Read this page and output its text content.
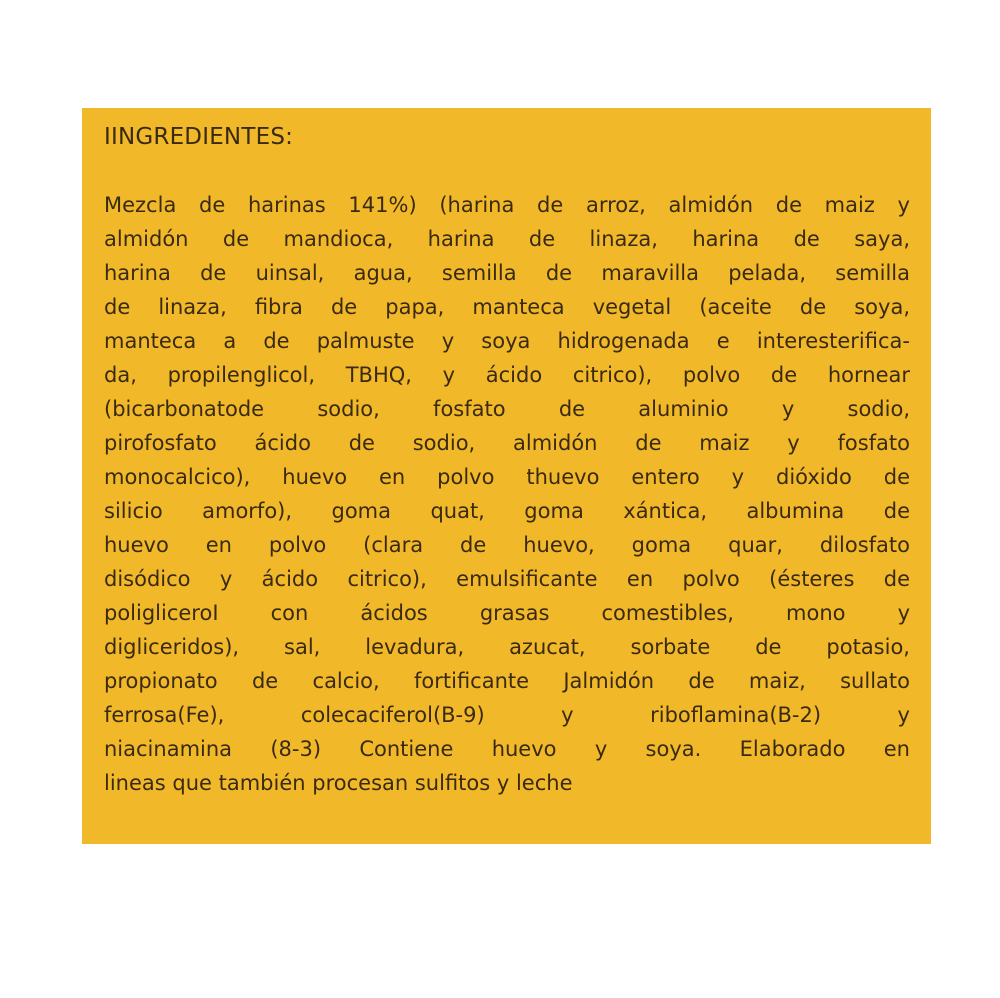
IINGREDIENTES:
Mezcla de harinas 141%) (harina de arroz, almidón de maiz y
almidón de mandioca, harina de linaza, harina de saya,
harina de uinsal, agua, semilla de maravilla pelada, semilla
de linaza, fibra de papa, manteca vegetal (aceite de soya,
manteca a de palmuste y soya hidrogenada e interesterifica-
da, propilenglicol, TBHQ, y ácido citrico), polvo de hornear
(bicarbonatode sodio, fosfato de aluminio y sodio,
pirofosfato ácido de sodio, almidón de maiz y fosfato
monocalcico), huevo en polvo thuevo entero y dióxido de
silicio amorfo), goma quat, goma xántica, albumina de
huevo en polvo (clara de huevo, goma quar, dilosfato
disódico y ácido citrico), emulsificante en polvo (ésteres de
poligliceroI con ácidos grasas comestibles, mono y
digliceridos), sal, levadura, azucat, sorbate de potasio,
propionato de calcio, fortificante Jalmidón de maiz, sullato
ferrosa(Fe), colecaciferol(B-9) y riboflamina(B-2) y
niacinamina (8-3) Contiene huevo y soya. Elaborado en
lineas que también procesan sulfitos y leche
